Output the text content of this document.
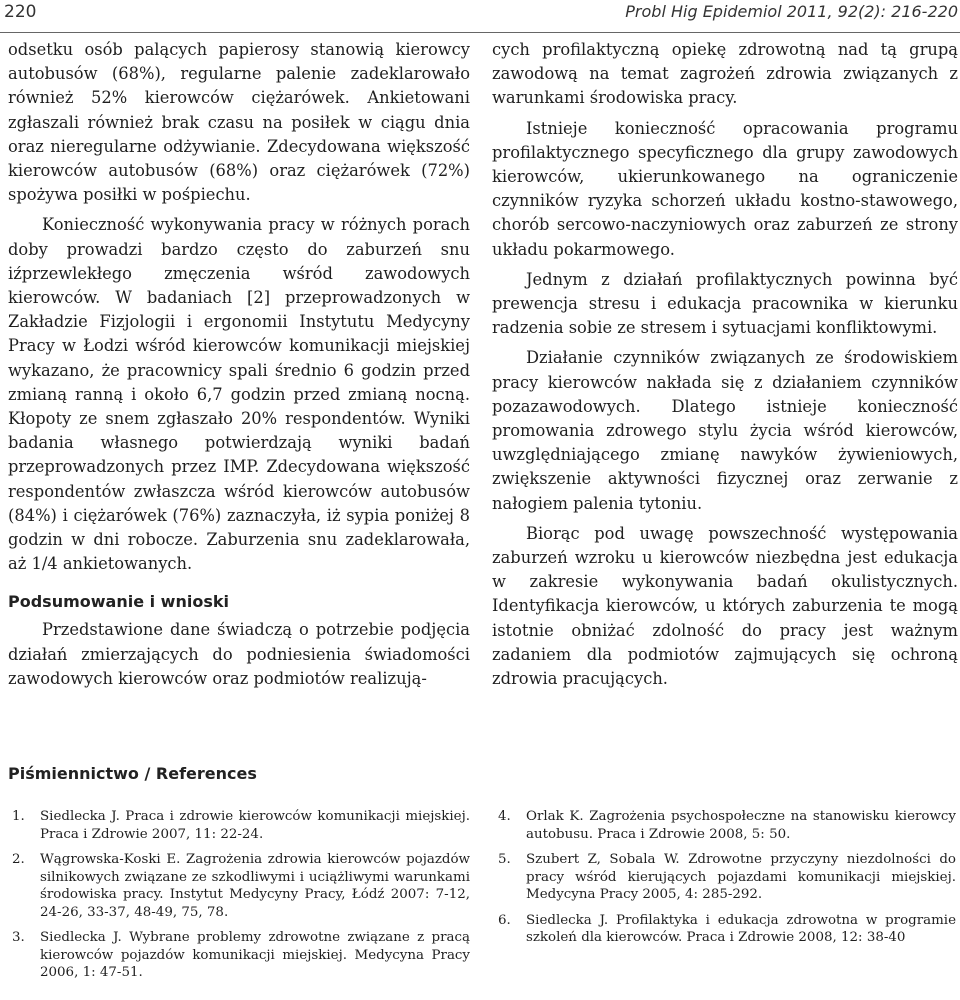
220	Probl Hig Epidemiol 2011, 92(2): 216-220

odsetku osób palących papierosy stanowią kierowcy autobusów (68%), regularne palenie zadeklarowało również 52% kierowców ciężarówek. Ankietowani zgłaszali również brak czasu na posiłek w ciągu dnia oraz nieregularne odżywianie. Zdecydowana większość kierowców autobusów (68%) oraz ciężarówek (72%) spożywa posiłki w pośpiechu.

Konieczność wykonywania pracy w różnych porach doby prowadzi bardzo często do zaburzeń snu iźprzewlekłego zmęczenia wśród zawodowych kierowców. W badaniach [2] przeprowadzonych w Zakładzie Fizjologii i ergonomii Instytutu Medycyny Pracy w Łodzi wśród kierowców komunikacji miejskiej wykazano, że pracownicy spali średnio 6 godzin przed zmianą ranną i około 6,7 godzin przed zmianą nocną. Kłopoty ze snem zgłaszało 20% respondentów. Wyniki badania własnego potwierdzają wyniki badań przeprowadzonych przez IMP. Zdecydowana większość respondentów zwłaszcza wśród kierowców autobusów (84%) i ciężarówek (76%) zaznaczyła, iż sypia poniżej 8 godzin w dni robocze. Zaburzenia snu zadeklarowała, aż 1/4 ankietowanych.

Podsumowanie i wnioski

Przedstawione dane świadczą o potrzebie podjęcia działań zmierzających do podniesienia świadomości zawodowych kierowców oraz podmiotów realizują-

cych profilaktyczną opiekę zdrowotną nad tą grupą zawodową na temat zagrożeń zdrowia związanych z warunkami środowiska pracy.

Istnieje konieczność opracowania programu profilaktycznego specyficznego dla grupy zawodowych kierowców, ukierunkowanego na ograniczenie czynników ryzyka schorzeń układu kostno-stawowego, chorób sercowo-naczyniowych oraz zaburzeń ze strony układu pokarmowego.

Jednym z działań profilaktycznych powinna być prewencja stresu i edukacja pracownika w kierunku radzenia sobie ze stresem i sytuacjami konfliktowymi.

Działanie czynników związanych ze środowiskiem pracy kierowców nakłada się z działaniem czynników pozazawodowych. Dlatego istnieje konieczność promowania zdrowego stylu życia wśród kierowców, uwzględniającego zmianę nawyków żywieniowych, zwiększenie aktywności fizycznej oraz zerwanie z nałogiem palenia tytoniu.

Biorąc pod uwagę powszechność występowania zaburzeń wzroku u kierowców niezbędna jest edukacja w zakresie wykonywania badań okulistycznych. Identyfikacja kierowców, u których zaburzenia te mogą istotnie obniżać zdolność do pracy jest ważnym zadaniem dla podmiotów zajmujących się ochroną zdrowia pracujących.

Piśmiennictwo / References
1. Siedlecka J. Praca i zdrowie kierowców komunikacji miejskiej. Praca i Zdrowie 2007, 11: 22-24.
2. Wągrowska-Koski E. Zagrożenia zdrowia kierowców pojazdów silnikowych związane ze szkodliwymi i uciążliwymi warunkami środowiska pracy. Instytut Medycyny Pracy, Łódź 2007: 7-12, 24-26, 33-37, 48-49, 75, 78.
3. Siedlecka J. Wybrane problemy zdrowotne związane z pracą kierowców pojazdów komunikacji miejskiej. Medycyna Pracy 2006, 1: 47-51.
4. Orlak K. Zagrożenia psychospołeczne na stanowisku kierowcy autobusu. Praca i Zdrowie 2008, 5: 50.
5. Szubert Z, Sobala W. Zdrowotne przyczyny niezdolności do pracy wśród kierujących pojazdami komunikacji miejskiej. Medycyna Pracy 2005, 4: 285-292.
6. Siedlecka J. Profilaktyka i edukacja zdrowotna w programie szkoleń dla kierowców. Praca i Zdrowie 2008, 12: 38-40
